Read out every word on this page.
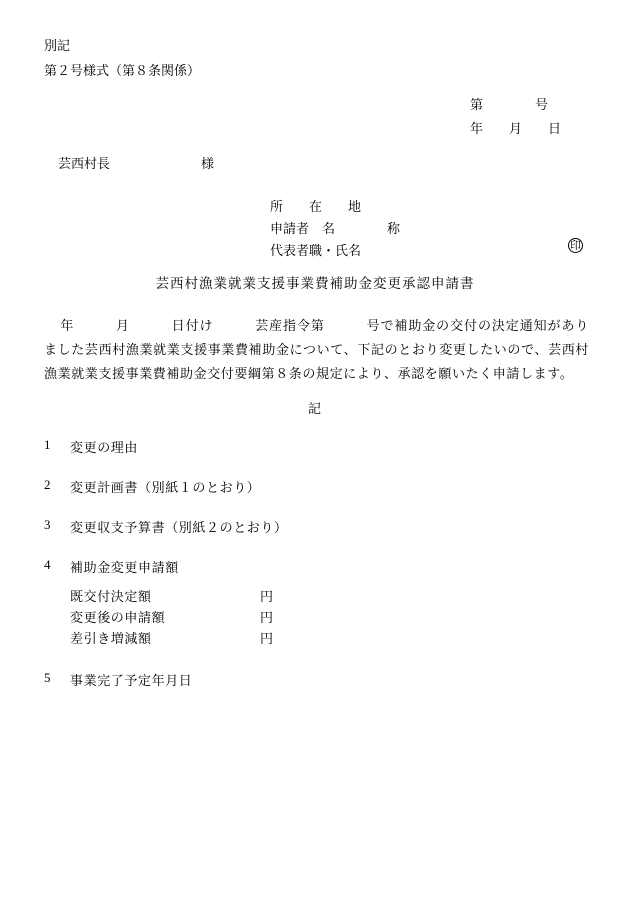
別記
第２号様式（第８条関係）
第　　　　号
年　　月　　日
芸西村長　　　　　　　様
所　　在　　地
申請者　名　　　　称
代表者職・氏名	印
芸西村漁業就業支援事業費補助金変更承認申請書
年　　　月　　　日付け　　　芸産指令第　　　号で補助金の交付の決定通知がありました芸西村漁業就業支援事業費補助金について、下記のとおり変更したいので、芸西村漁業就業支援事業費補助金交付要綱第８条の規定により、承認を願いたく申請します。
記
1	変更の理由
2	変更計画書（別紙１のとおり）
3	変更収支予算書（別紙２のとおり）
4	補助金変更申請額
既交付決定額	円
変更後の申請額	円
差引き増減額	円
5	事業完了予定年月日
